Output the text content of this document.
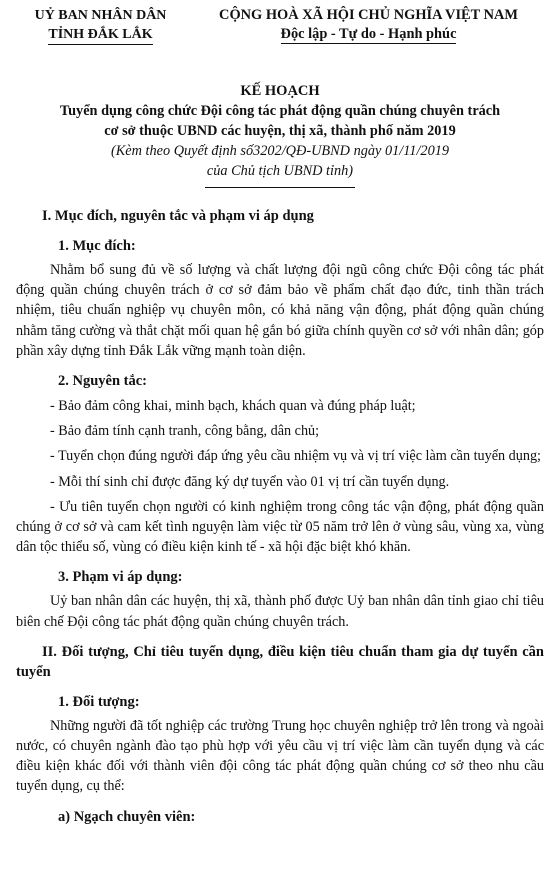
UỶ BAN NHÂN DÂN
TỈNH ĐẮK LẮK
CỘNG HOÀ XÃ HỘI CHỦ NGHĨA VIỆT NAM
Độc lập - Tự do - Hạnh phúc
KẾ HOẠCH
Tuyển dụng công chức Đội công tác phát động quần chúng chuyên trách
cơ sở thuộc UBND các huyện, thị xã, thành phố năm 2019
(Kèm theo Quyết định số3202/QĐ-UBND ngày 01/11/2019
của Chủ tịch UBND tỉnh)
I. Mục đích, nguyên tắc và phạm vi áp dụng
1. Mục đích:

Nhằm bổ sung đủ về số lượng và chất lượng đội ngũ công chức Đội công tác phát động quần chúng chuyên trách ở cơ sở đảm bảo về phẩm chất đạo đức, tinh thần trách nhiệm, tiêu chuẩn nghiệp vụ chuyên môn, có khả năng vận động, phát động quần chúng nhằm tăng cường và thắt chặt mối quan hệ gắn bó giữa chính quyền cơ sở với nhân dân; góp phần xây dựng tỉnh Đắk Lắk vững mạnh toàn diện.

2. Nguyên tắc:

- Bảo đảm công khai, minh bạch, khách quan và đúng pháp luật;

- Bảo đảm tính cạnh tranh, công bằng, dân chủ;

- Tuyển chọn đúng người đáp ứng yêu cầu nhiệm vụ và vị trí việc làm cần tuyển dụng;

- Mỗi thí sinh chỉ được đăng ký dự tuyển vào 01 vị trí cần tuyển dụng.

- Ưu tiên tuyển chọn người có kinh nghiệm trong công tác vận động, phát động quần chúng ở cơ sở và cam kết tình nguyện làm việc từ 05 năm trở lên ở vùng sâu, vùng xa, vùng dân tộc thiểu số, vùng có điều kiện kinh tế - xã hội đặc biệt khó khăn.

3. Phạm vi áp dụng:

Uỷ ban nhân dân các huyện, thị xã, thành phố được Uỷ ban nhân dân tỉnh giao chỉ tiêu biên chế Đội công tác phát động quần chúng chuyên trách.

II. Đối tượng, Chỉ tiêu tuyển dụng, điều kiện tiêu chuẩn tham gia dự tuyển cần tuyển
1. Đối tượng:

Những người đã tốt nghiệp các trường Trung học chuyên nghiệp trở lên trong và ngoài nước, có chuyên ngành đào tạo phù hợp với yêu cầu vị trí việc làm cần tuyển dụng và các điều kiện khác đối với thành viên đội công tác phát động quần chúng cơ sở theo nhu cầu tuyển dụng, cụ thể:

a) Ngạch chuyên viên:
